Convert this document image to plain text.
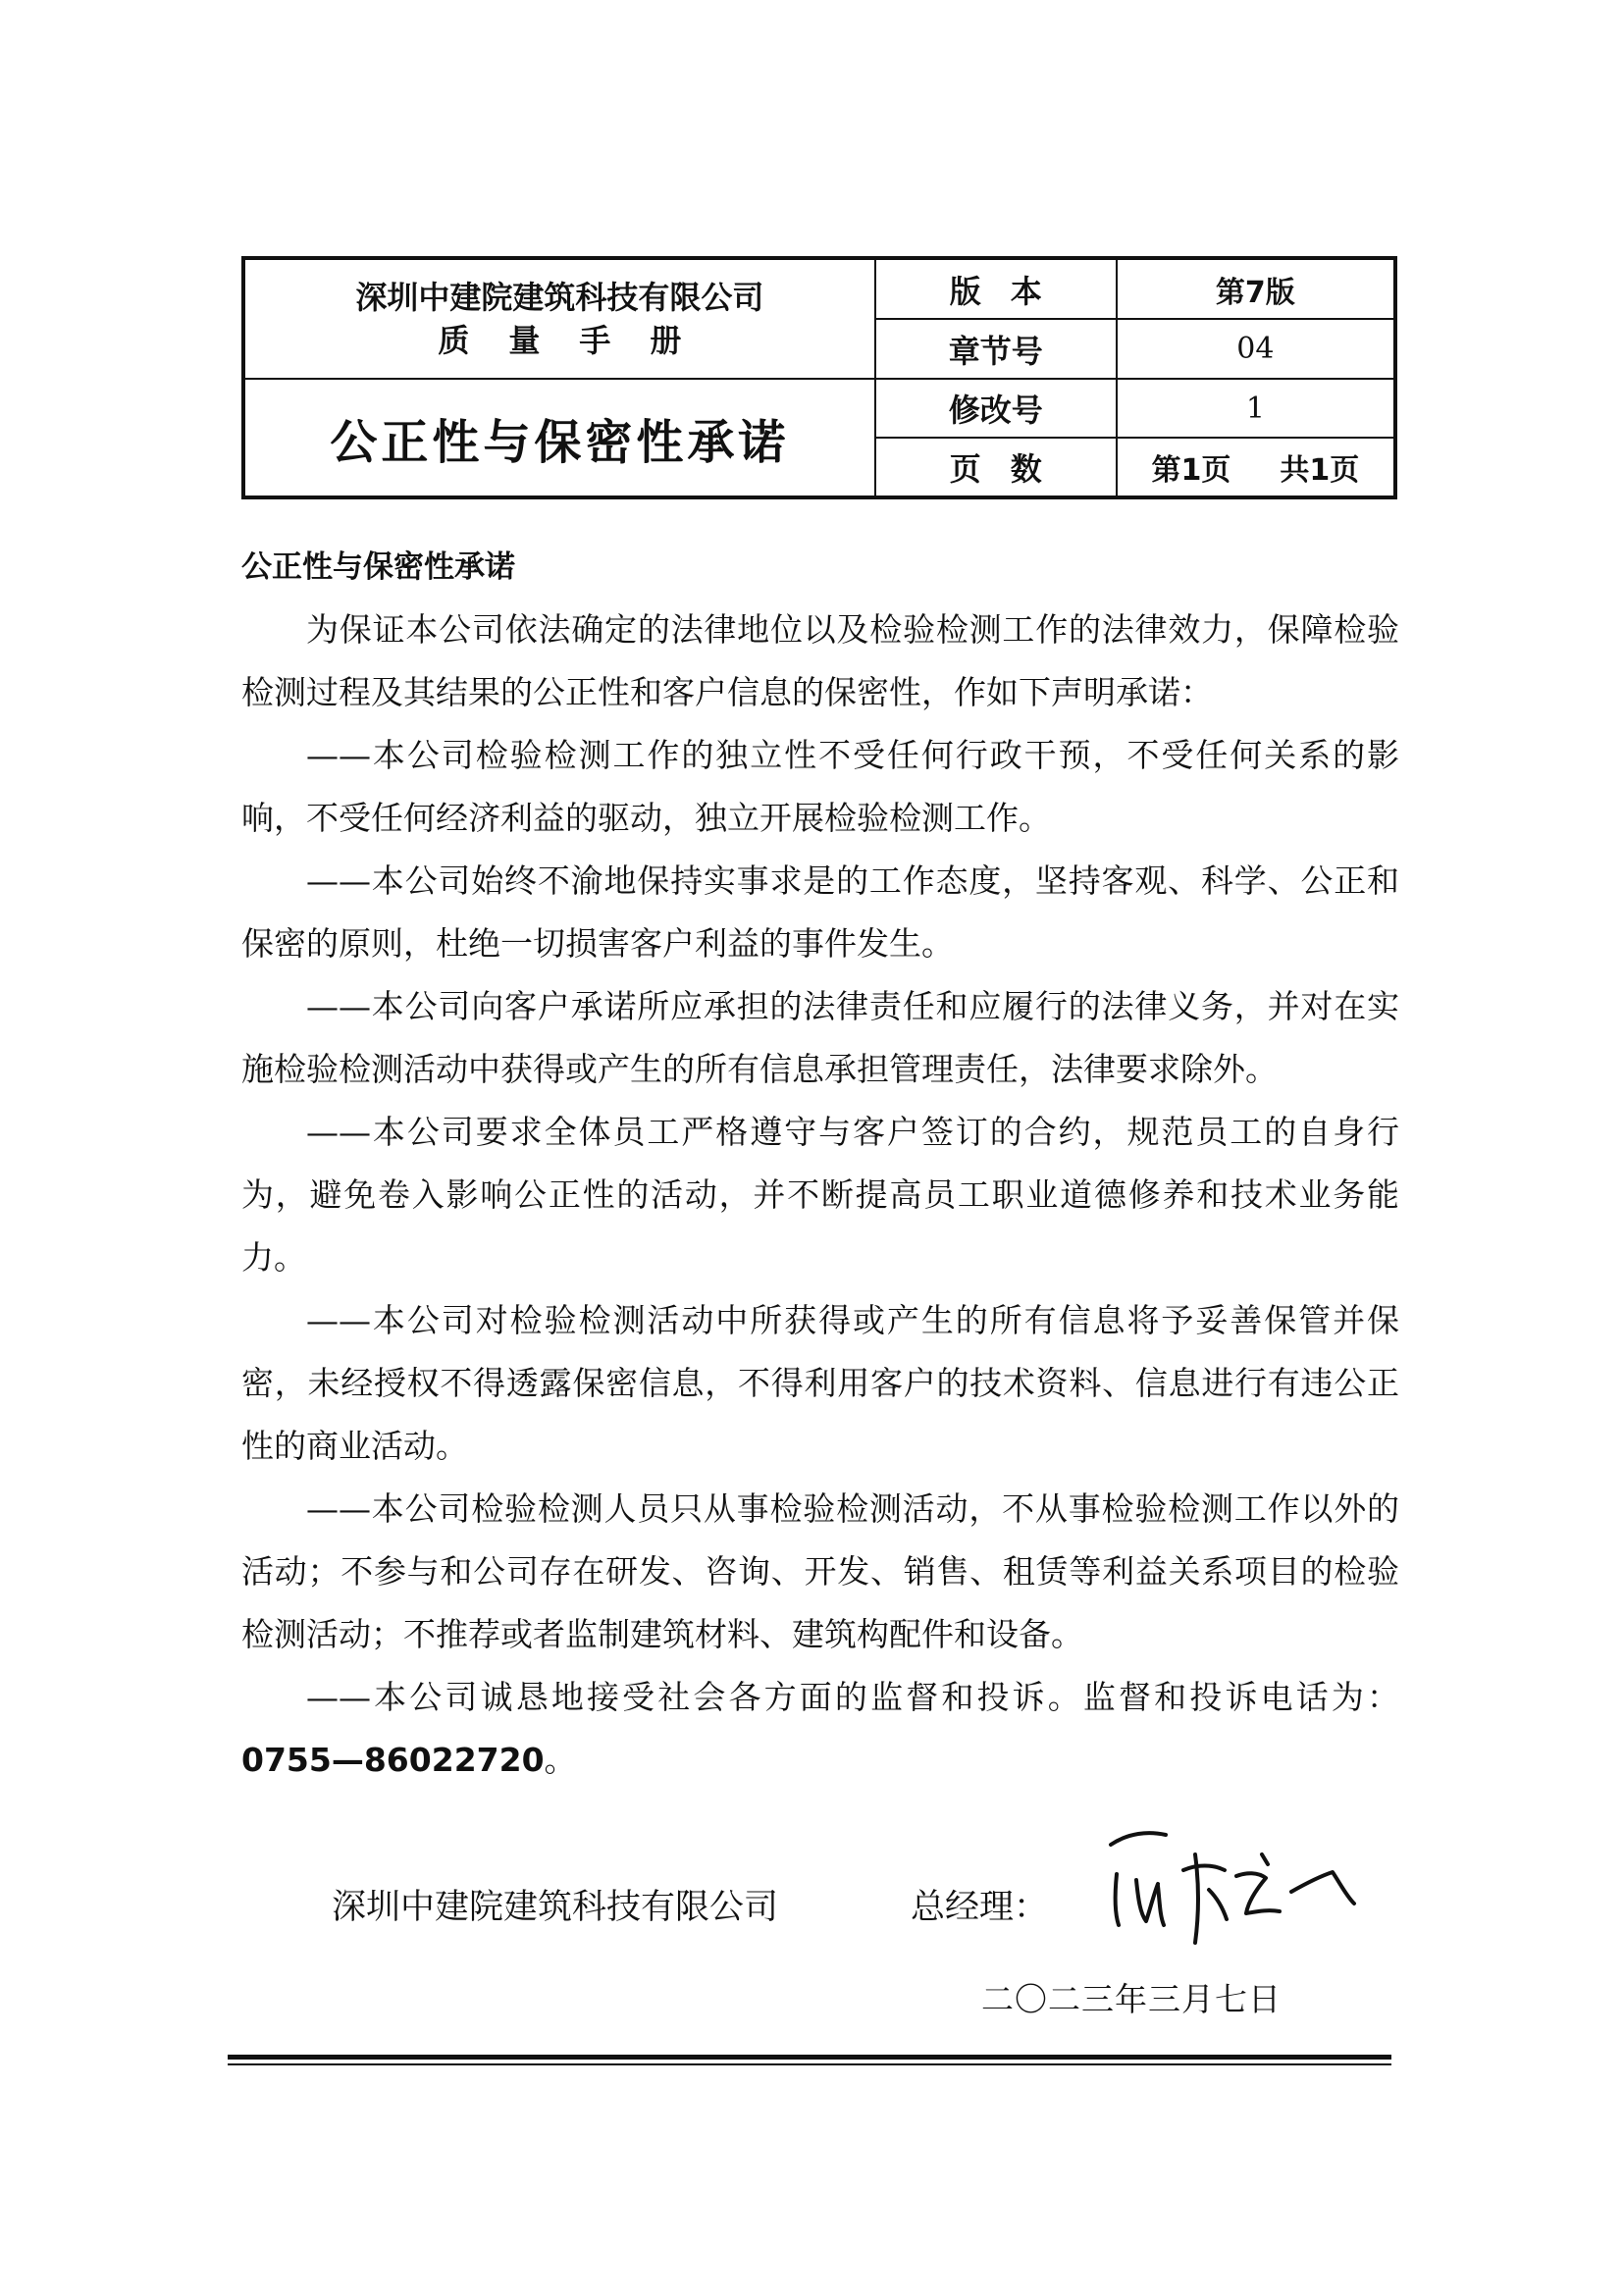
深圳中建院建筑科技有限公司
质量手册	版本	第7版
	章节号	04
公正性与保密性承诺	修改号	1
	页数	第1页 共1页
公正性与保密性承诺

为保证本公司依法确定的法律地位以及检验检测工作的法律效力，保障检验检测过程及其结果的公正性和客户信息的保密性，作如下声明承诺：

——本公司检验检测工作的独立性不受任何行政干预，不受任何关系的影响，不受任何经济利益的驱动，独立开展检验检测工作。

——本公司始终不渝地保持实事求是的工作态度，坚持客观、科学、公正和保密的原则，杜绝一切损害客户利益的事件发生。

——本公司向客户承诺所应承担的法律责任和应履行的法律义务，并对在实施检验检测活动中获得或产生的所有信息承担管理责任，法律要求除外。

——本公司要求全体员工严格遵守与客户签订的合约，规范员工的自身行为，避免卷入影响公正性的活动，并不断提高员工职业道德修养和技术业务能力。

——本公司对检验检测活动中所获得或产生的所有信息将予妥善保管并保密，未经授权不得透露保密信息，不得利用客户的技术资料、信息进行有违公正性的商业活动。

——本公司检验检测人员只从事检验检测活动，不从事检验检测工作以外的活动；不参与和公司存在研发、咨询、开发、销售、租赁等利益关系项目的检验检测活动；不推荐或者监制建筑材料、建筑构配件和设备。

——本公司诚恳地接受社会各方面的监督和投诉。监督和投诉电话为：0755—86022720。

深圳中建院建筑科技有限公司	总经理：
二〇二三年三月七日
